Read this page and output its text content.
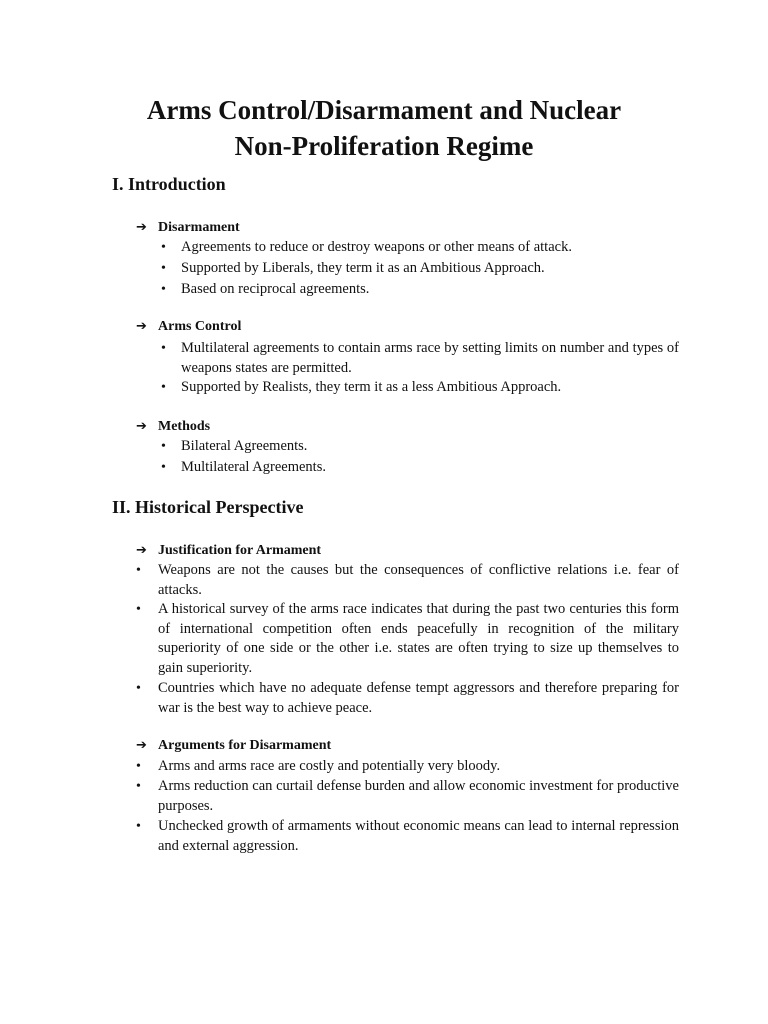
Arms Control/Disarmament and Nuclear
Non-Proliferation Regime
I. Introduction
➔ Disarmament
• Agreements to reduce or destroy weapons or other means of attack.

• Supported by Liberals, they term it as an Ambitious Approach.

• Based on reciprocal agreements.

➔ Arms Control
• Multilateral agreements to contain arms race by setting limits on number and types of weapons states are permitted.

• Supported by Realists, they term it as a less Ambitious Approach.

➔ Methods
• Bilateral Agreements.

• Multilateral Agreements.

II. Historical Perspective
➔ Justification for Armament
• Weapons are not the causes but the consequences of conflictive relations i.e. fear of attacks.

• A historical survey of the arms race indicates that during the past two centuries this form of international competition often ends peacefully in recognition of the military superiority of one side or the other i.e. states are often trying to size up themselves to gain superiority.

• Countries which have no adequate defense tempt aggressors and therefore preparing for war is the best way to achieve peace.

➔ Arguments for Disarmament
• Arms and arms race are costly and potentially very bloody.

• Arms reduction can curtail defense burden and allow economic investment for productive purposes.

• Unchecked growth of armaments without economic means can lead to internal repression and external aggression.
